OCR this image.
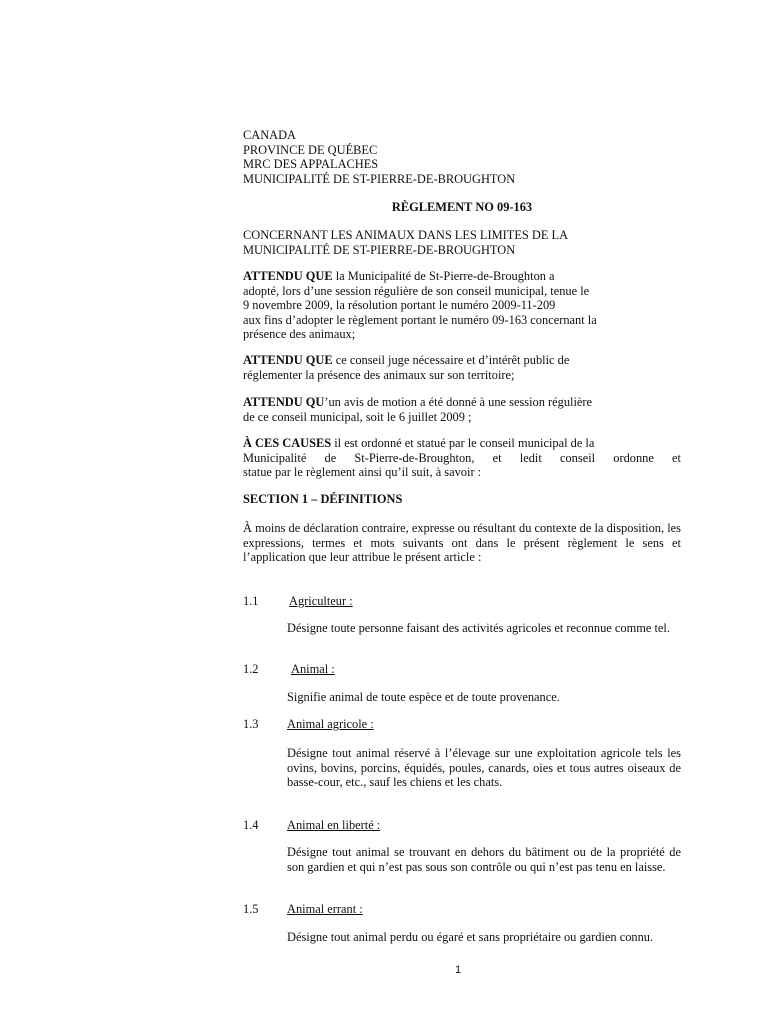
CANADA
PROVINCE DE QUÉBEC
MRC DES APPALACHES
MUNICIPALITÉ DE ST-PIERRE-DE-BROUGHTON
RÈGLEMENT NO 09-163
CONCERNANT LES ANIMAUX DANS LES LIMITES DE LA
MUNICIPALITÉ DE ST-PIERRE-DE-BROUGHTON
ATTENDU QUE la Municipalité de St-Pierre-de-Broughton a
adopté, lors d’une session régulière de son conseil municipal, tenue le
9 novembre 2009, la résolution portant le numéro 2009-11-209
aux fins d’adopter le règlement portant le numéro 09-163 concernant la
présence des animaux;
ATTENDU QUE ce conseil juge nécessaire et d’intérêt public de
réglementer la présence des animaux sur son territoire;
ATTENDU QU’un avis de motion a été donné à une session régulière
de ce conseil municipal, soit le 6 juillet 2009 ;
À CES CAUSES il est ordonné et statué par le conseil municipal de la
Municipalité de St-Pierre-de-Broughton, et ledit conseil ordonne et
statue par le règlement ainsi qu’il suit, à savoir :
SECTION 1 – DÉFINITIONS
À moins de déclaration contraire, expresse ou résultant du contexte de la disposition, les expressions, termes et mots suivants ont dans le présent règlement le sens et l’application que leur attribue le présent article :
1.1 Agriculteur :
Désigne toute personne faisant des activités agricoles et reconnue comme tel.
1.2	Animal :
Signifie animal de toute espèce et de toute provenance.
1.3 Animal agricole :
Désigne tout animal réservé à l’élevage sur une exploitation agricole tels les ovins, bovins, porcins, équidés, poules, canards, oies et tous autres oiseaux de basse-cour, etc., sauf les chiens et les chats.
1.4 Animal en liberté :
Désigne tout animal se trouvant en dehors du bâtiment ou de la propriété de son gardien et qui n’est pas sous son contrôle ou qui n’est pas tenu en laisse.
1.5 Animal errant :
Désigne tout animal perdu ou égaré et sans propriétaire ou gardien connu.
1
